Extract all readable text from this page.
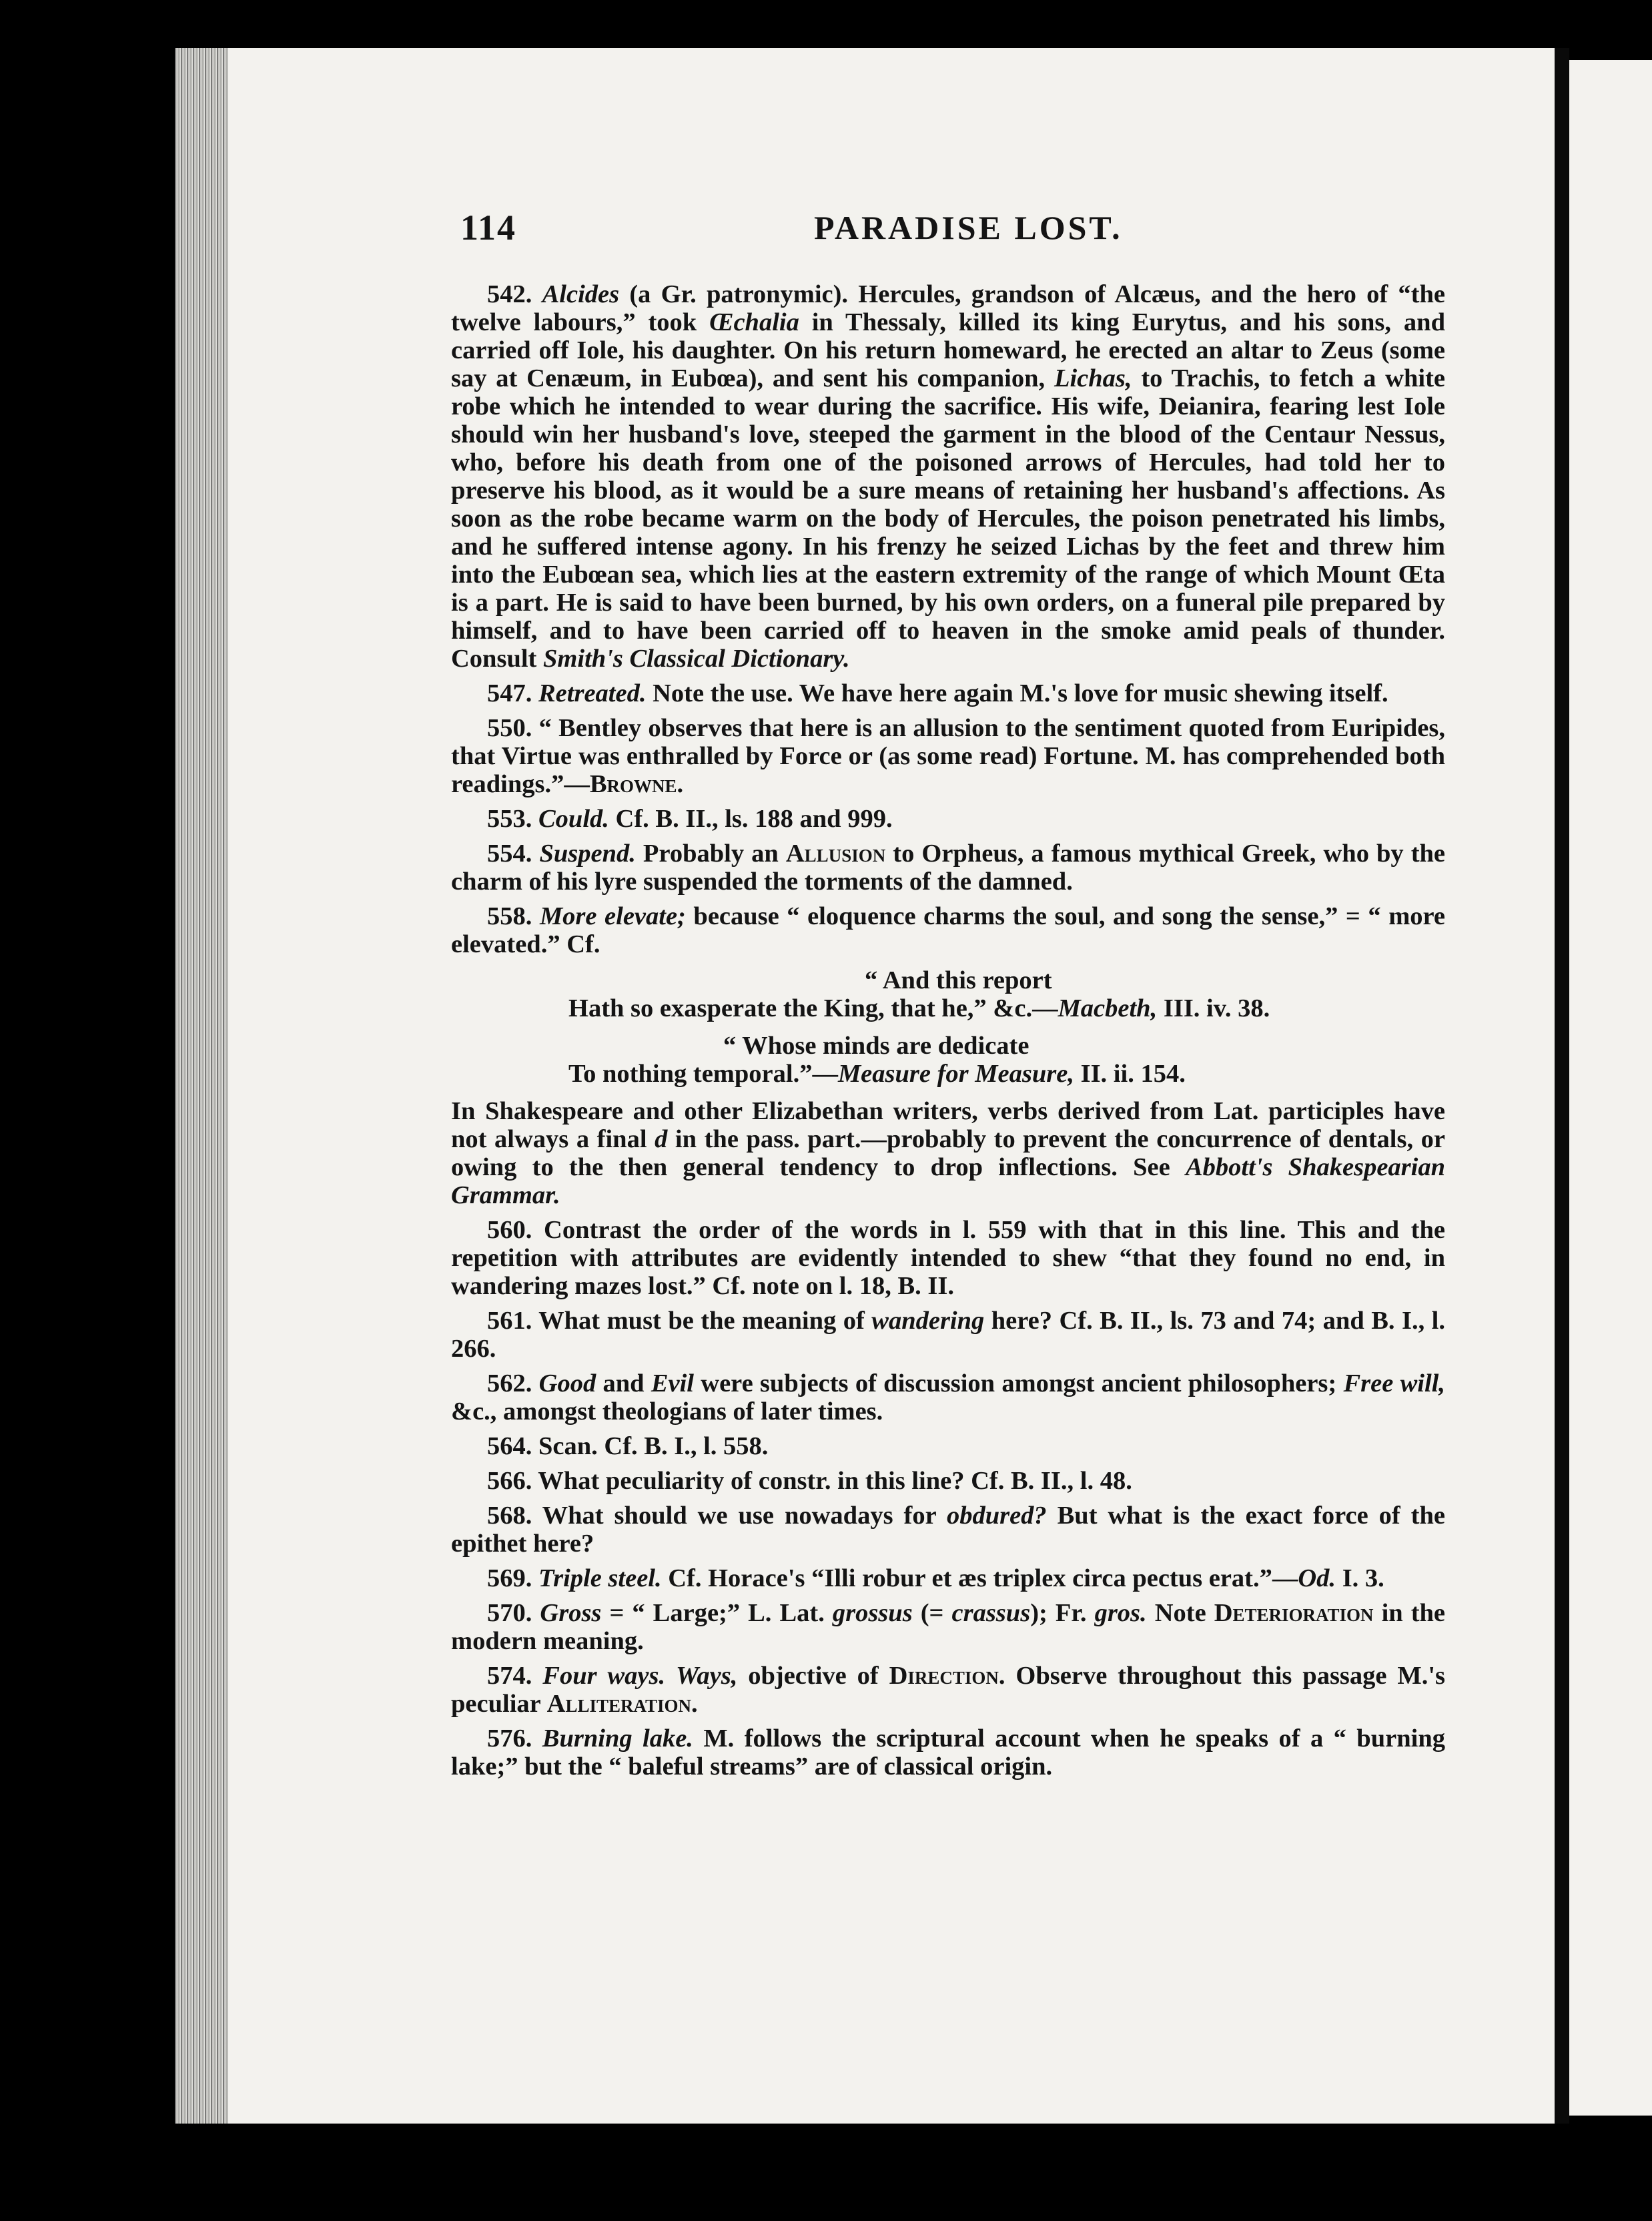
114	PARADISE LOST.

542. Alcides (a Gr. patronymic). Hercules, grandson of Alcæus, and the hero of “the twelve labours,” took Œchalia in Thessaly, killed its king Eurytus, and his sons, and carried off Iole, his daughter. On his return homeward, he erected an altar to Zeus (some say at Cenæum, in Eubœa), and sent his companion, Lichas, to Trachis, to fetch a white robe which he intended to wear during the sacrifice. His wife, Deianira, fearing lest Iole should win her husband's love, steeped the garment in the blood of the Centaur Nessus, who, before his death from one of the poisoned arrows of Hercules, had told her to preserve his blood, as it would be a sure means of retaining her husband's affections. As soon as the robe became warm on the body of Hercules, the poison penetrated his limbs, and he suffered intense agony. In his frenzy he seized Lichas by the feet and threw him into the Eubœan sea, which lies at the eastern extremity of the range of which Mount Œta is a part. He is said to have been burned, by his own orders, on a funeral pile prepared by himself, and to have been carried off to heaven in the smoke amid peals of thunder. Consult Smith's Classical Dictionary.

547. Retreated. Note the use. We have here again M.'s love for music shewing itself.

550. “ Bentley observes that here is an allusion to the sentiment quoted from Euripides, that Virtue was enthralled by Force or (as some read) Fortune. M. has comprehended both readings.”—Browne.

553. Could. Cf. B. II., ls. 188 and 999.

554. Suspend. Probably an Allusion to Orpheus, a famous mythical Greek, who by the charm of his lyre suspended the torments of the damned.

558. More elevate; because “ eloquence charms the soul, and song the sense,” = “ more elevated.” Cf.

“ And this report
Hath so exasperate the King, that he,” &c.—Macbeth, III. iv. 38.
“ Whose minds are dedicate
To nothing temporal.”—Measure for Measure, II. ii. 154.

In Shakespeare and other Elizabethan writers, verbs derived from Lat. participles have not always a final d in the pass. part.—probably to prevent the concurrence of dentals, or owing to the then general tendency to drop inflections. See Abbott's Shakespearian Grammar.

560. Contrast the order of the words in l. 559 with that in this line. This and the repetition with attributes are evidently intended to shew “that they found no end, in wandering mazes lost.” Cf. note on l. 18, B. II.

561. What must be the meaning of wandering here? Cf. B. II., ls. 73 and 74; and B. I., l. 266.

562. Good and Evil were subjects of discussion amongst ancient philosophers; Free will, &c., amongst theologians of later times.

564. Scan. Cf. B. I., l. 558.

566. What peculiarity of constr. in this line? Cf. B. II., l. 48.

568. What should we use nowadays for obdured? But what is the exact force of the epithet here?

569. Triple steel. Cf. Horace's “Illi robur et æs triplex circa pectus erat.”—Od. I. 3.

570. Gross = “ Large;” L. Lat. grossus (= crassus); Fr. gros. Note Deterioration in the modern meaning.

574. Four ways. Ways, objective of Direction. Observe throughout this passage M.'s peculiar Alliteration.

576. Burning lake. M. follows the scriptural account when he speaks of a “ burning lake;” but the “ baleful streams” are of classical origin.
